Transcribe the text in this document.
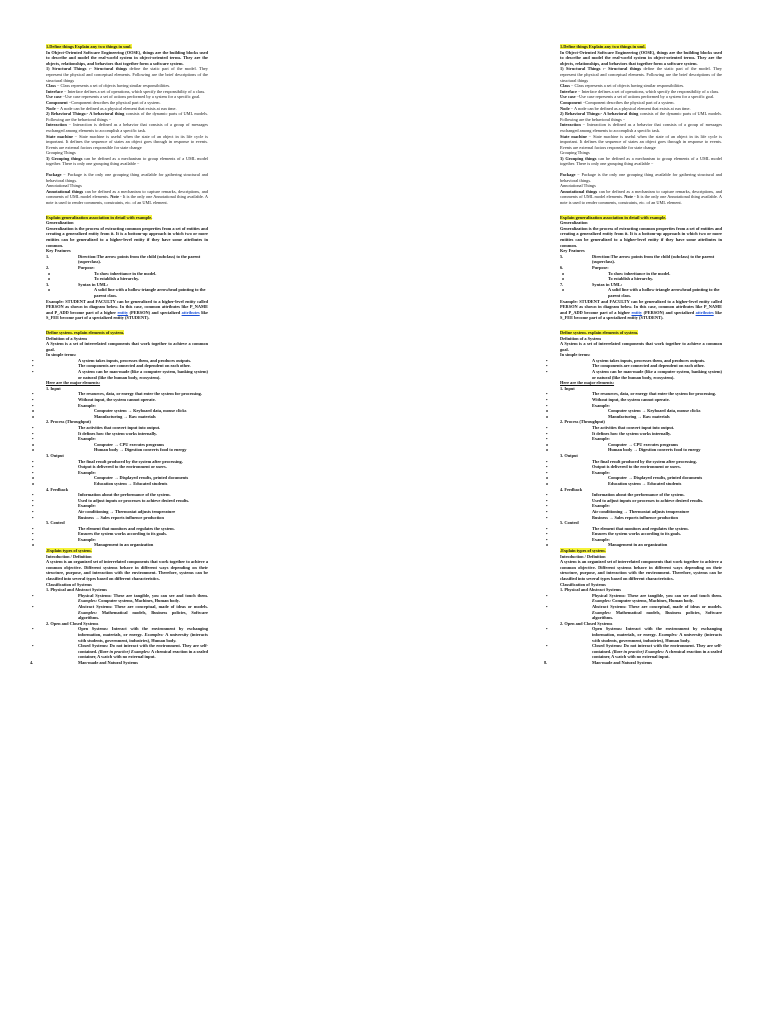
1.Define things Explain any two things in uml.

In Object-Oriented Software Engineering (OOSE), things are the building blocks used to describe and model the real-world system in object-oriented terms. They are the objects, relationships, and behaviors that together form a software system.

1) Structural Things :- Structural things define the static part of the model. They represent the physical and conceptual elements. Following are the brief descriptions of the structural things

Class − Class represents a set of objects having similar responsibilities.

Interface − Interface defines a set of operations, which specify the responsibility of a class.

Use case −Use case represents a set of actions performed by a system for a specific goal.

Component −Component describes the physical part of a system.

Node − A node can be defined as a physical element that exists at run time.

2) Behavioral Things:- A behavioral thing consists of the dynamic parts of UML models. Following are the behavioral things −

Interaction − Interaction is defined as a behavior that consists of a group of messages exchanged among elements to accomplish a specific task.

State machine − State machine is useful when the state of an object in its life cycle is important. It defines the sequence of states an object goes through in response to events. Events are external factors responsible for state change

Grouping Things

3) Grouping things can be defined as a mechanism to group elements of a UML model together. There is only one grouping thing available −

Package − Package is the only one grouping thing available for gathering structural and behavioral things.

Annotational Things

Annotational things can be defined as a mechanism to capture remarks, descriptions, and comments of UML model elements. Note - It is the only one Annotational thing available. A note is used to render comments, constraints, etc. of an UML element.

Explain generalization association in detail with example.

Generalization

Generalization is the process of extracting common properties from a set of entities and creating a generalized entity from it. It is a bottom-up approach in which two or more entities can be generalized to a higher-level entity if they have some attributes in common.

Key Features

1.	Direction:The arrow points from the child (subclass) to the parent (superclass).

2.	Purpose:

o To show inheritance in the model.

o To establish a hierarchy.

3.	Syntax in UML:

o A solid line with a hollow triangle arrowhead pointing to the parent class.

Example: STUDENT and FACULTY can be generalized to a higher-level entity called PERSON as shown in diagram below. In this case, common attributes like P_NAME and P_ADD become part of a higher entity (PERSON) and specialized attributes like S_FEE become part of a specialized entity (STUDENT).

Define system. explain elements of system.

Definition of a System

A System is a set of interrelated components that work together to achieve a common goal.

In simple terms:

• A system takes inputs, processes them, and produces outputs.

• The components are connected and dependent on each other.

• A system can be man-made (like a computer system, banking system) or natural (like the human body, ecosystem).

Here are the major elements:

1. Input

• The resources, data, or energy that enter the system for processing.

• Without input, the system cannot operate.

• Example:

o Computer system → Keyboard data, mouse clicks

o Manufacturing → Raw materials

2. Process (Throughput)

• The activities that convert input into output.

• It defines how the system works internally.

• Example:

o Computer → CPU executes programs

o Human body → Digestion converts food to energy

3. Output

• The final result produced by the system after processing.

• Output is delivered to the environment or users.

• Example:

o Computer → Displayed results, printed documents

o Education system → Educated students

4. Feedback

• Information about the performance of the system.

• Used to adjust inputs or processes to achieve desired results.

• Example:

• Air conditioning → Thermostat adjusts temperature

• Business → Sales reports influence production

5. Control

• The element that monitors and regulates the system.

• Ensures the system works according to its goals.

• Example:

o Management in an organization

.Explain types of system.

Introduction / Definition

A system is an organized set of interrelated components that work together to achieve a common objective. Different systems behave in different ways depending on their structure, purpose, and interaction with the environment. Therefore, systems can be classified into several types based on different characteristics.

Classification of Systems

1. Physical and Abstract Systems

• Physical Systems: These are tangible, you can see and touch them. Examples: Computer systems, Machines, Human body.

• Abstract Systems: These are conceptual, made of ideas or models. Examples: Mathematical models, Business policies, Software algorithms.

2. Open and Closed Systems

• Open Systems: Interact with the environment by exchanging information, materials, or energy. Examples: A university (interacts with students, government, industries), Human body.

• Closed Systems: Do not interact with the environment. They are self-contained. (Rare in practice) Examples: A chemical reaction in a sealed container, A watch with no external input.

4.	Man-made and Natural Systems

1.Define things Explain any two things in uml.

In Object-Oriented Software Engineering (OOSE), things are the building blocks used to describe and model the real-world system in object-oriented terms. They are the objects, relationships, and behaviors that together form a software system.

1) Structural Things :- Structural things define the static part of the model. They represent the physical and conceptual elements. Following are the brief descriptions of the structural things

Class − Class represents a set of objects having similar responsibilities.

Interface − Interface defines a set of operations, which specify the responsibility of a class.

Use case −Use case represents a set of actions performed by a system for a specific goal.

Component −Component describes the physical part of a system.

Node − A node can be defined as a physical element that exists at run time.

2) Behavioral Things:- A behavioral thing consists of the dynamic parts of UML models. Following are the behavioral things −

Interaction − Interaction is defined as a behavior that consists of a group of messages exchanged among elements to accomplish a specific task.

State machine − State machine is useful when the state of an object in its life cycle is important. It defines the sequence of states an object goes through in response to events. Events are external factors responsible for state change

Grouping Things

3) Grouping things can be defined as a mechanism to group elements of a UML model together. There is only one grouping thing available −

Package − Package is the only one grouping thing available for gathering structural and behavioral things.

Annotational Things

Annotational things can be defined as a mechanism to capture remarks, descriptions, and comments of UML model elements. Note - It is the only one Annotational thing available. A note is used to render comments, constraints, etc. of an UML element.

Explain generalization association in detail with example.

Generalization

Generalization is the process of extracting common properties from a set of entities and creating a generalized entity from it. It is a bottom-up approach in which two or more entities can be generalized to a higher-level entity if they have some attributes in common.

Key Features

5.	Direction:The arrow points from the child (subclass) to the parent (superclass).

6.	Purpose:

o To show inheritance in the model.

o To establish a hierarchy.

7.	Syntax in UML:

o A solid line with a hollow triangle arrowhead pointing to the parent class.

Example: STUDENT and FACULTY can be generalized to a higher-level entity called PERSON as shown in diagram below. In this case, common attributes like P_NAME and P_ADD become part of a higher entity (PERSON) and specialized attributes like S_FEE become part of a specialized entity (STUDENT).

Define system. explain elements of system.

Definition of a System

A System is a set of interrelated components that work together to achieve a common goal.

In simple terms:

• A system takes inputs, processes them, and produces outputs.

• The components are connected and dependent on each other.

• A system can be man-made (like a computer system, banking system) or natural (like the human body, ecosystem).

Here are the major elements:

1. Input

• The resources, data, or energy that enter the system for processing.

• Without input, the system cannot operate.

• Example:

o Computer system → Keyboard data, mouse clicks

o Manufacturing → Raw materials

2. Process (Throughput)

• The activities that convert input into output.

• It defines how the system works internally.

• Example:

o Computer → CPU executes programs

o Human body → Digestion converts food to energy

3. Output

• The final result produced by the system after processing.

• Output is delivered to the environment or users.

• Example:

o Computer → Displayed results, printed documents

o Education system → Educated students

4. Feedback

• Information about the performance of the system.

• Used to adjust inputs or processes to achieve desired results.

• Example:

• Air conditioning → Thermostat adjusts temperature

• Business → Sales reports influence production

5. Control

• The element that monitors and regulates the system.

• Ensures the system works according to its goals.

• Example:

o Management in an organization

.Explain types of system.

Introduction / Definition

A system is an organized set of interrelated components that work together to achieve a common objective. Different systems behave in different ways depending on their structure, purpose, and interaction with the environment. Therefore, systems can be classified into several types based on different characteristics.

Classification of Systems

1. Physical and Abstract Systems

• Physical Systems: These are tangible, you can see and touch them. Examples: Computer systems, Machines, Human body.

• Abstract Systems: These are conceptual, made of ideas or models. Examples: Mathematical models, Business policies, Software algorithms.

2. Open and Closed Systems

• Open Systems: Interact with the environment by exchanging information, materials, or energy. Examples: A university (interacts with students, government, industries), Human body.

• Closed Systems: Do not interact with the environment. They are self-contained. (Rare in practice) Examples: A chemical reaction in a sealed container, A watch with no external input.

8.	Man-made and Natural Systems
